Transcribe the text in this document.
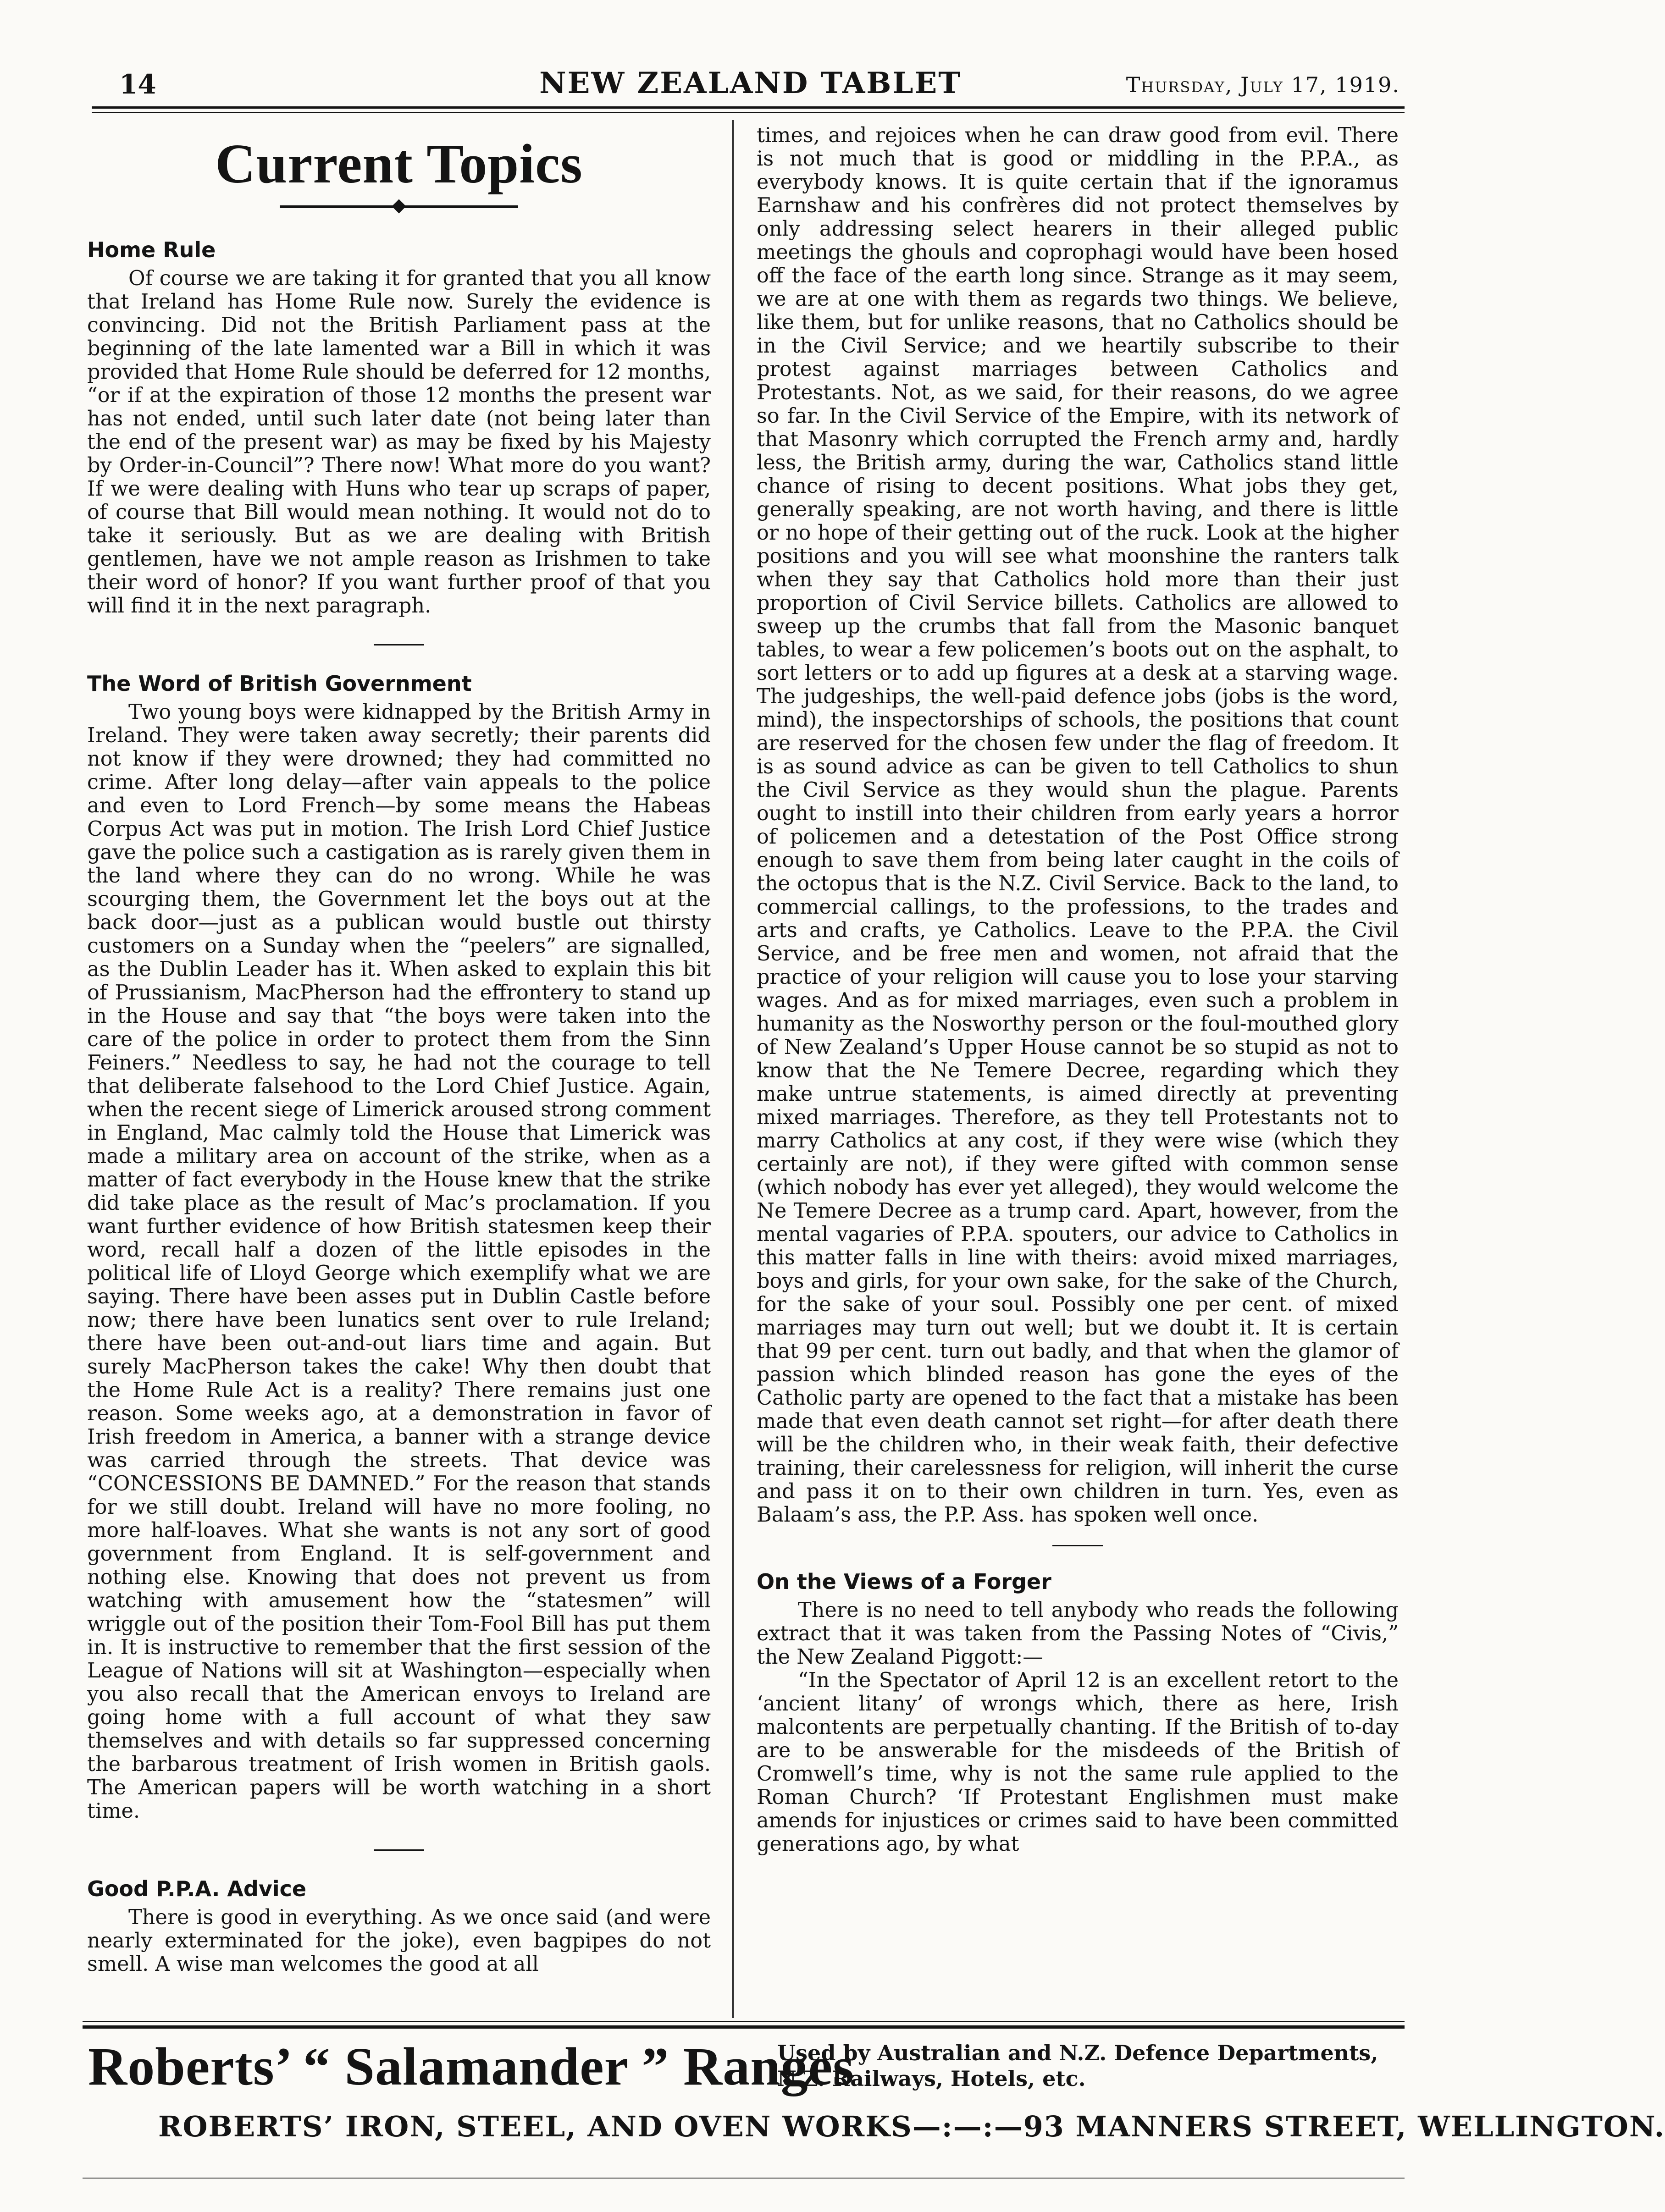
14	NEW ZEALAND TABLET	Thursday, July 17, 1919.
Current Topics
Home Rule

Of course we are taking it for granted that you all know that Ireland has Home Rule now. Surely the evidence is convincing. Did not the British Parliament pass at the beginning of the late lamented war a Bill in which it was provided that Home Rule should be deferred for 12 months, “or if at the expiration of those 12 months the present war has not ended, until such later date (not being later than the end of the present war) as may be fixed by his Majesty by Order-in-Council”? There now! What more do you want? If we were dealing with Huns who tear up scraps of paper, of course that Bill would mean nothing. It would not do to take it seriously. But as we are dealing with British gentlemen, have we not ample reason as Irishmen to take their word of honor? If you want further proof of that you will find it in the next paragraph.

The Word of British Government

Two young boys were kidnapped by the British Army in Ireland. They were taken away secretly; their parents did not know if they were drowned; they had committed no crime. After long delay—after vain appeals to the police and even to Lord French—by some means the Habeas Corpus Act was put in motion. The Irish Lord Chief Justice gave the police such a castigation as is rarely given them in the land where they can do no wrong. While he was scourging them, the Government let the boys out at the back door—just as a publican would bustle out thirsty customers on a Sunday when the “peelers” are signalled, as the Dublin Leader has it. When asked to explain this bit of Prussianism, MacPherson had the effrontery to stand up in the House and say that “the boys were taken into the care of the police in order to protect them from the Sinn Feiners.” Needless to say, he had not the courage to tell that deliberate falsehood to the Lord Chief Justice. Again, when the recent siege of Limerick aroused strong comment in England, Mac calmly told the House that Limerick was made a military area on account of the strike, when as a matter of fact everybody in the House knew that the strike did take place as the result of Mac’s proclamation. If you want further evidence of how British statesmen keep their word, recall half a dozen of the little episodes in the political life of Lloyd George which exemplify what we are saying. There have been asses put in Dublin Castle before now; there have been lunatics sent over to rule Ireland; there have been out-and-out liars time and again. But surely MacPherson takes the cake! Why then doubt that the Home Rule Act is a reality? There remains just one reason. Some weeks ago, at a demonstration in favor of Irish freedom in America, a banner with a strange device was carried through the streets. That device was “CONCESSIONS BE DAMNED.” For the reason that stands for we still doubt. Ireland will have no more fooling, no more half-loaves. What she wants is not any sort of good government from England. It is self-government and nothing else. Knowing that does not prevent us from watching with amusement how the “statesmen” will wriggle out of the position their Tom-Fool Bill has put them in. It is instructive to remember that the first session of the League of Nations will sit at Washington—especially when you also recall that the American envoys to Ireland are going home with a full account of what they saw themselves and with details so far suppressed concerning the barbarous treatment of Irish women in British gaols. The American papers will be worth watching in a short time.

Good P.P.A. Advice

There is good in everything. As we once said (and were nearly exterminated for the joke), even bagpipes do not smell. A wise man welcomes the good at all

times, and rejoices when he can draw good from evil. There is not much that is good or middling in the P.P.A., as everybody knows. It is quite certain that if the ignoramus Earnshaw and his confrères did not protect themselves by only addressing select hearers in their alleged public meetings the ghouls and coprophagi would have been hosed off the face of the earth long since. Strange as it may seem, we are at one with them as regards two things. We believe, like them, but for unlike reasons, that no Catholics should be in the Civil Service; and we heartily subscribe to their protest against marriages between Catholics and Protestants. Not, as we said, for their reasons, do we agree so far. In the Civil Service of the Empire, with its network of that Masonry which corrupted the French army and, hardly less, the British army, during the war, Catholics stand little chance of rising to decent positions. What jobs they get, generally speaking, are not worth having, and there is little or no hope of their getting out of the ruck. Look at the higher positions and you will see what moonshine the ranters talk when they say that Catholics hold more than their just proportion of Civil Service billets. Catholics are allowed to sweep up the crumbs that fall from the Masonic banquet tables, to wear a few policemen’s boots out on the asphalt, to sort letters or to add up figures at a desk at a starving wage. The judgeships, the well-paid defence jobs (jobs is the word, mind), the inspectorships of schools, the positions that count are reserved for the chosen few under the flag of freedom. It is as sound advice as can be given to tell Catholics to shun the Civil Service as they would shun the plague. Parents ought to instill into their children from early years a horror of policemen and a detestation of the Post Office strong enough to save them from being later caught in the coils of the octopus that is the N.Z. Civil Service. Back to the land, to commercial callings, to the professions, to the trades and arts and crafts, ye Catholics. Leave to the P.P.A. the Civil Service, and be free men and women, not afraid that the practice of your religion will cause you to lose your starving wages. And as for mixed marriages, even such a problem in humanity as the Nosworthy person or the foul-mouthed glory of New Zealand’s Upper House cannot be so stupid as not to know that the Ne Temere Decree, regarding which they make untrue statements, is aimed directly at preventing mixed marriages. Therefore, as they tell Protestants not to marry Catholics at any cost, if they were wise (which they certainly are not), if they were gifted with common sense (which nobody has ever yet alleged), they would welcome the Ne Temere Decree as a trump card. Apart, however, from the mental vagaries of P.P.A. spouters, our advice to Catholics in this matter falls in line with theirs: avoid mixed marriages, boys and girls, for your own sake, for the sake of the Church, for the sake of your soul. Possibly one per cent. of mixed marriages may turn out well; but we doubt it. It is certain that 99 per cent. turn out badly, and that when the glamor of passion which blinded reason has gone the eyes of the Catholic party are opened to the fact that a mistake has been made that even death cannot set right—for after death there will be the children who, in their weak faith, their defective training, their carelessness for religion, will inherit the curse and pass it on to their own children in turn. Yes, even as Balaam’s ass, the P.P. Ass. has spoken well once.

On the Views of a Forger

There is no need to tell anybody who reads the following extract that it was taken from the Passing Notes of “Civis,” the New Zealand Piggott:—

“In the Spectator of April 12 is an excellent retort to the ‘ancient litany’ of wrongs which, there as here, Irish malcontents are perpetually chanting. If the British of to-day are to be answerable for the misdeeds of the British of Cromwell’s time, why is not the same rule applied to the Roman Church? ‘If Protestant Englishmen must make amends for injustices or crimes said to have been committed generations ago, by what

Roberts’ “ Salamander ” Ranges
Used by Australian and N.Z. Defence Departments, N.Z. Railways, Hotels, etc.
ROBERTS’ IRON, STEEL, AND OVEN WORKS—:—:—93 MANNERS STREET, WELLINGTON.
